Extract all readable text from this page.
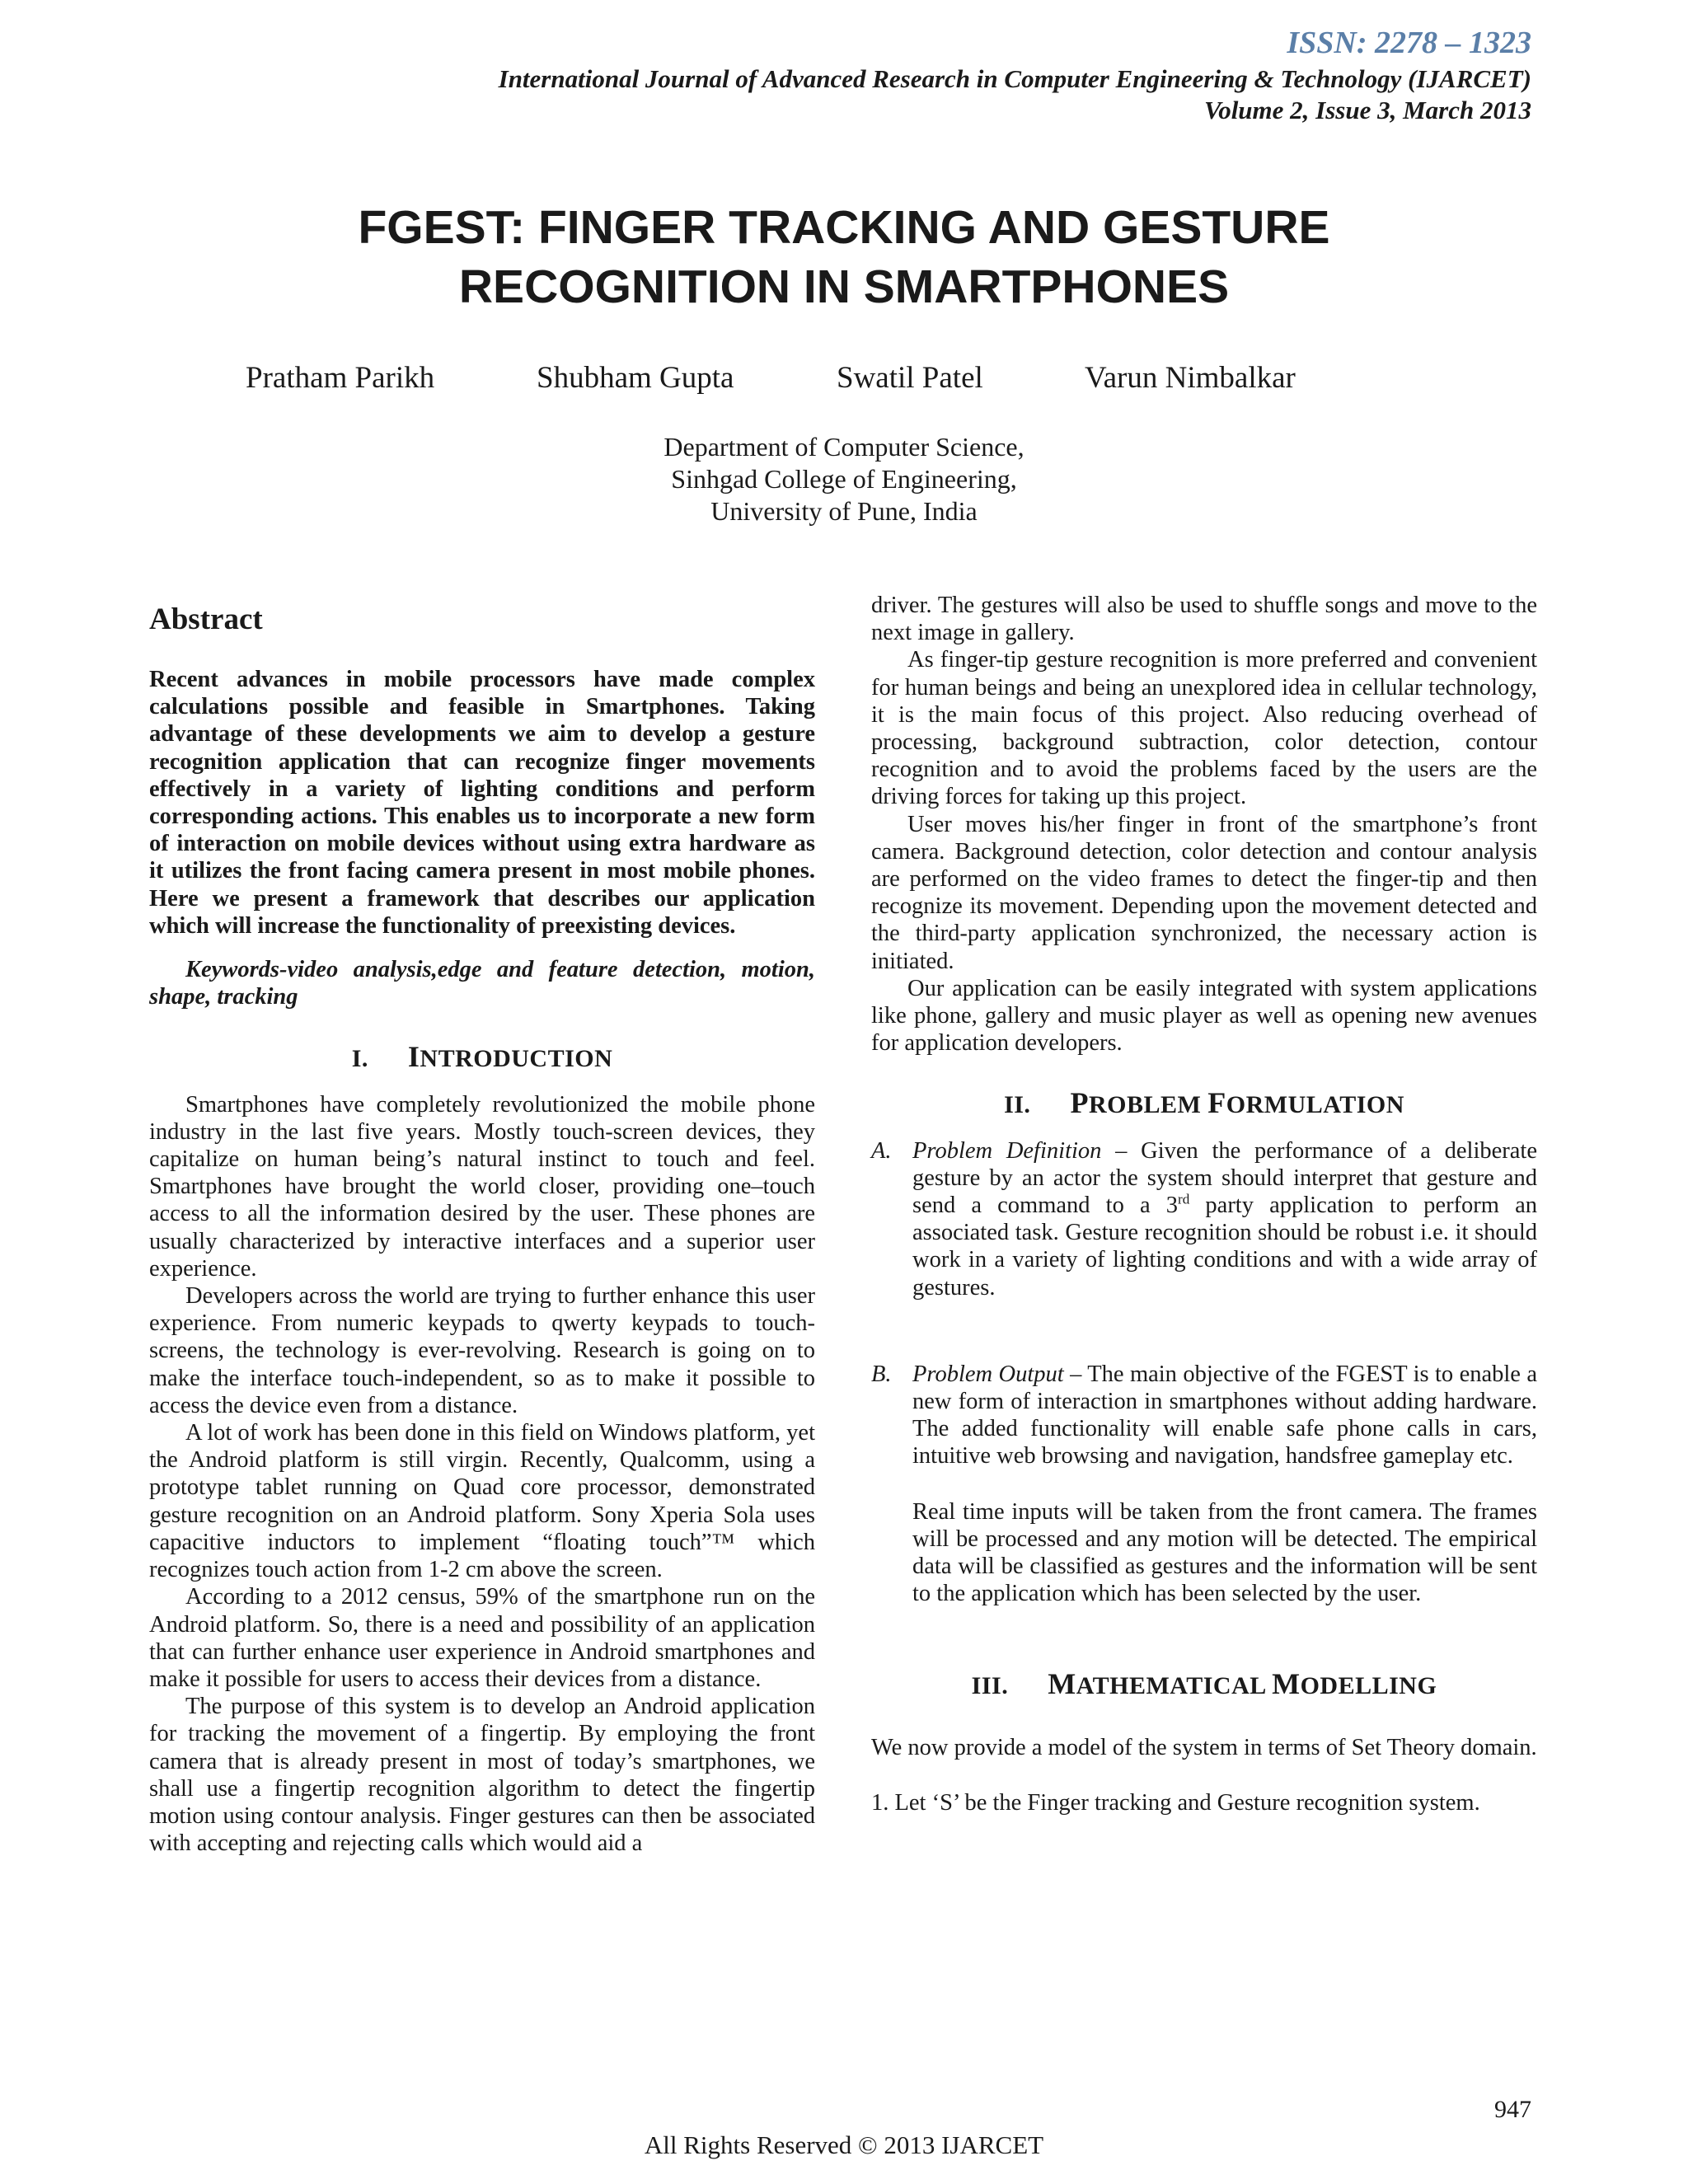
ISSN: 2278 – 1323
International Journal of Advanced Research in Computer Engineering & Technology (IJARCET)
Volume 2, Issue 3, March 2013
FGEST: FINGER TRACKING AND GESTURE
RECOGNITION IN SMARTPHONES
Pratham Parikh	Shubham Gupta	Swatil Patel	Varun Nimbalkar
Department of Computer Science,
Sinhgad College of Engineering,
University of Pune, India
Abstract

Recent advances in mobile processors have made complex calculations possible and feasible in Smartphones. Taking advantage of these developments we aim to develop a gesture recognition application that can recognize finger movements effectively in a variety of lighting conditions and perform corresponding actions. This enables us to incorporate a new form of interaction on mobile devices without using extra hardware as it utilizes the front facing camera present in most mobile phones. Here we present a framework that describes our application which will increase the functionality of preexisting devices.

Keywords-video analysis,edge and feature detection, motion, shape, tracking

I. INTRODUCTION

Smartphones have completely revolutionized the mobile phone industry in the last five years. Mostly touch-screen devices, they capitalize on human being’s natural instinct to touch and feel. Smartphones have brought the world closer, providing one–touch access to all the information desired by the user. These phones are usually characterized by interactive interfaces and a superior user experience.

Developers across the world are trying to further enhance this user experience. From numeric keypads to qwerty keypads to touch-screens, the technology is ever-revolving. Research is going on to make the interface touch-independent, so as to make it possible to access the device even from a distance.

A lot of work has been done in this field on Windows platform, yet the Android platform is still virgin. Recently, Qualcomm, using a prototype tablet running on Quad core processor, demonstrated gesture recognition on an Android platform. Sony Xperia Sola uses capacitive inductors to implement “floating touch”™ which recognizes touch action from 1-2 cm above the screen.

According to a 2012 census, 59% of the smartphone run on the Android platform. So, there is a need and possibility of an application that can further enhance user experience in Android smartphones and make it possible for users to access their devices from a distance.

The purpose of this system is to develop an Android application for tracking the movement of a fingertip. By employing the front camera that is already present in most of today’s smartphones, we shall use a fingertip recognition algorithm to detect the fingertip motion using contour analysis. Finger gestures can then be associated with accepting and rejecting calls which would aid a

driver. The gestures will also be used to shuffle songs and move to the next image in gallery.

As finger-tip gesture recognition is more preferred and convenient for human beings and being an unexplored idea in cellular technology, it is the main focus of this project. Also reducing overhead of processing, background subtraction, color detection, contour recognition and to avoid the problems faced by the users are the driving forces for taking up this project.

User moves his/her finger in front of the smartphone’s front camera. Background detection, color detection and contour analysis are performed on the video frames to detect the finger-tip and then recognize its movement. Depending upon the movement detected and the third-party application synchronized, the necessary action is initiated.

Our application can be easily integrated with system applications like phone, gallery and music player as well as opening new avenues for application developers.

II. PROBLEM FORMULATION

A. Problem Definition – Given the performance of a deliberate gesture by an actor the system should interpret that gesture and send a command to a 3rd party application to perform an associated task. Gesture recognition should be robust i.e. it should work in a variety of lighting conditions and with a wide array of gestures.

B. Problem Output – The main objective of the FGEST is to enable a new form of interaction in smartphones without adding hardware. The added functionality will enable safe phone calls in cars, intuitive web browsing and navigation, handsfree gameplay etc.

Real time inputs will be taken from the front camera. The frames will be processed and any motion will be detected. The empirical data will be classified as gestures and the information will be sent to the application which has been selected by the user.

III. MATHEMATICAL MODELLING

We now provide a model of the system in terms of Set Theory domain.

1. Let ‘S’ be the Finger tracking and Gesture recognition system.

947
All Rights Reserved © 2013 IJARCET
